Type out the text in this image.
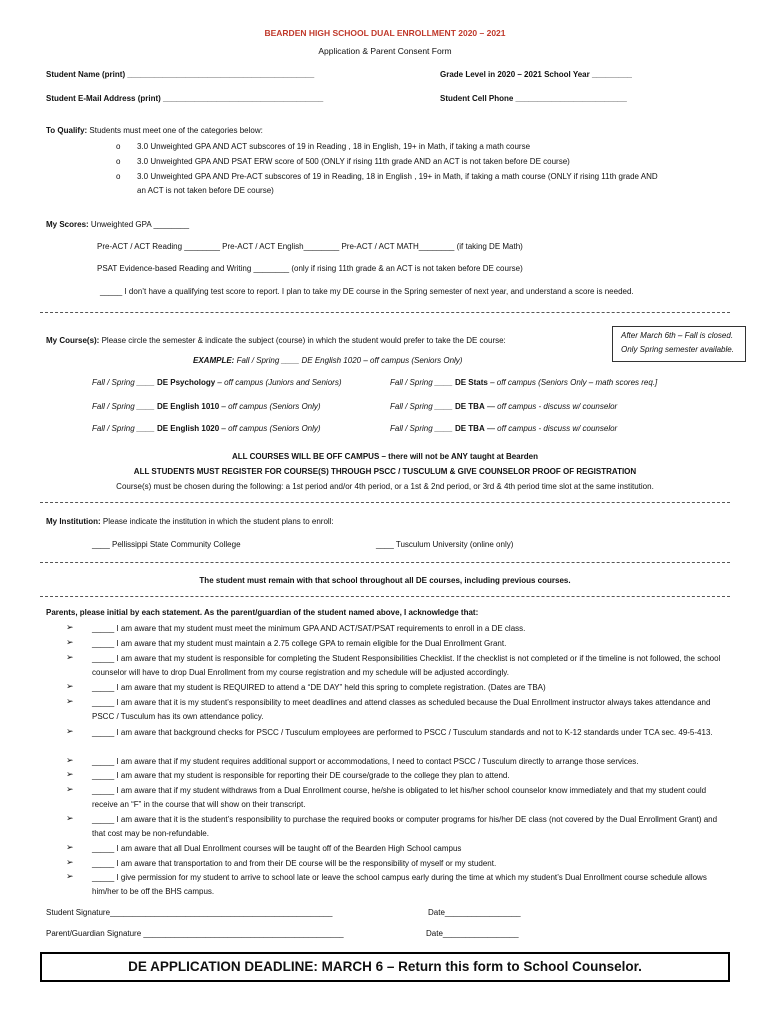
BEARDEN HIGH SCHOOL DUAL ENROLLMENT 2020 – 2021
Application & Parent Consent Form
Student Name (print) __________________________________________	Grade Level in 2020 – 2021 School Year _________
Student E-Mail Address (print) ____________________________________	Student Cell Phone _________________________
To Qualify: Students must meet one of the categories below:
o 3.0 Unweighted GPA AND ACT subscores of 19 in Reading , 18 in English, 19+ in Math, if taking a math course
o 3.0 Unweighted GPA AND PSAT ERW score of 500 (ONLY if rising 11th grade AND an ACT is not taken before DE course)
o 3.0 Unweighted GPA AND Pre-ACT subscores of 19 in Reading, 18 in English , 19+ in Math, if taking a math course (ONLY if rising 11th grade AND
an ACT is not taken before DE course)
My Scores: Unweighted GPA ________
Pre-ACT / ACT Reading ________ Pre-ACT / ACT English________ Pre-ACT / ACT MATH________ (if taking DE Math)
PSAT Evidence-based Reading and Writing ________ (only if rising 11th grade & an ACT is not taken before DE course)
_____ I don’t have a qualifying test score to report. I plan to take my DE course in the Spring semester of next year, and understand a score is needed.
My Course(s): Please circle the semester & indicate the subject (course) in which the student would prefer to take the DE course:
After March 6th – Fall is closed.
Only Spring semester available.
EXAMPLE: Fall / Spring ____ DE English 1020 – off campus (Seniors Only)
Fall / Spring ____ DE Psychology – off campus (Juniors and Seniors)	Fall / Spring ____ DE Stats – off campus (Seniors Only – math scores req.]
Fall / Spring ____ DE English 1010 – off campus (Seniors Only)	Fall / Spring ____ DE TBA — off campus - discuss w/ counselor
Fall / Spring ____ DE English 1020 – off campus (Seniors Only)	Fall / Spring ____ DE TBA — off campus - discuss w/ counselor
ALL COURSES WILL BE OFF CAMPUS – there will not be ANY taught at Bearden
ALL STUDENTS MUST REGISTER FOR COURSE(S) THROUGH PSCC / TUSCULUM & GIVE COUNSELOR PROOF OF REGISTRATION
Course(s) must be chosen during the following: a 1st period and/or 4th period, or a 1st & 2nd period, or 3rd & 4th period time slot at the same institution.
My Institution: Please indicate the institution in which the student plans to enroll:
____ Pellissippi State Community College	____ Tusculum University (online only)
The student must remain with that school throughout all DE courses, including previous courses.
Parents, please initial by each statement. As the parent/guardian of the student named above, I acknowledge that:
➢ _____ I am aware that my student must meet the minimum GPA AND ACT/SAT/PSAT requirements to enroll in a DE class.
➢ _____ I am aware that my student must maintain a 2.75 college GPA to remain eligible for the Dual Enrollment Grant.
➢ _____ I am aware that my student is responsible for completing the Student Responsibilities Checklist. If the checklist is not completed or if the timeline is not followed, the school counselor will have to drop Dual Enrollment from my course registration and my schedule will be adjusted accordingly.
➢ _____ I am aware that my student is REQUIRED to attend a “DE DAY” held this spring to complete registration. (Dates are TBA)
➢ _____ I am aware that it is my student’s responsibility to meet deadlines and attend classes as scheduled because the Dual Enrollment instructor always takes attendance and PSCC / Tusculum has its own attendance policy.
➢ _____ I am aware that background checks for PSCC / Tusculum employees are performed to PSCC / Tusculum standards and not to K-12 standards under TCA sec. 49-5-413.
➢ _____ I am aware that if my student requires additional support or accommodations, I need to contact PSCC / Tusculum directly to arrange those services.
➢ _____ I am aware that my student is responsible for reporting their DE course/grade to the college they plan to attend.
➢ _____ I am aware that if my student withdraws from a Dual Enrollment course, he/she is obligated to let his/her school counselor know immediately and that my student could receive an “F” in the course that will show on their transcript.
➢ _____ I am aware that it is the student’s responsibility to purchase the required books or computer programs for his/her DE class (not covered by the Dual Enrollment Grant) and that cost may be non-refundable.
➢ _____ I am aware that all Dual Enrollment courses will be taught off of the Bearden High School campus
➢ _____ I am aware that transportation to and from their DE course will be the responsibility of myself or my student.
➢ _____ I give permission for my student to arrive to school late or leave the school campus early during the time at which my student’s Dual Enrollment course schedule allows him/her to be off the BHS campus.
Student Signature__________________________________________________	Date_________________
Parent/Guardian Signature _____________________________________________	Date_________________
DE APPLICATION DEADLINE: MARCH 6 – Return this form to School Counselor.
